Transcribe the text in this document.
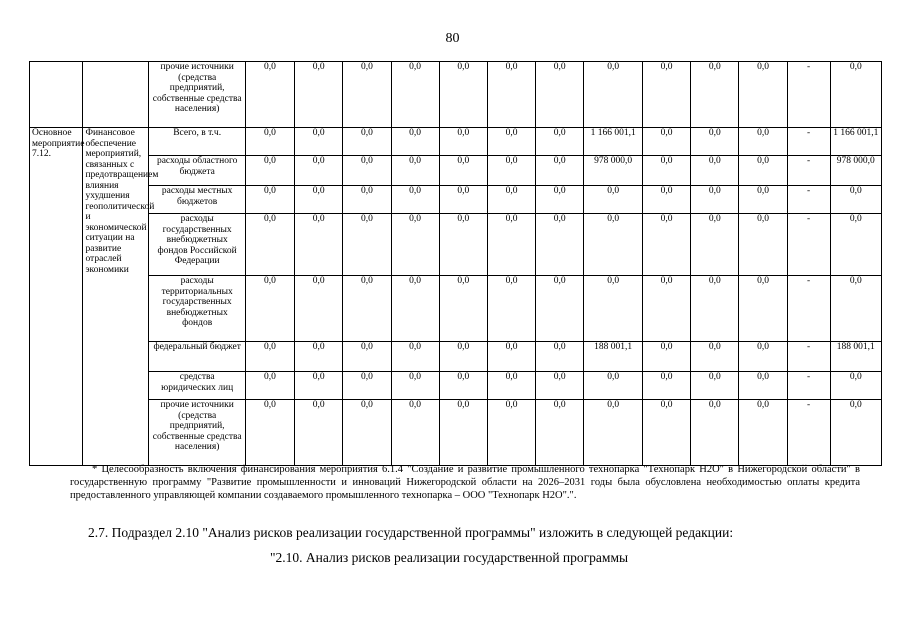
80
		прочие источники (средства предприятий, собственные средства населения)	0,0	0,0	0,0	0,0	0,0	0,0	0,0	0,0	0,0	0,0	0,0	-	0,0
Основное мероприятие 7.12.	Финансовое обеспечение мероприятий, связанных с предотвращением влияния ухудшения геополитической и экономической ситуации на развитие отраслей экономики	Всего, в т.ч.	0,0	0,0	0,0	0,0	0,0	0,0	0,0	1 166 001,1	0,0	0,0	0,0	-	1 166 001,1
		расходы областного бюджета	0,0	0,0	0,0	0,0	0,0	0,0	0,0	978 000,0	0,0	0,0	0,0	-	978 000,0
		расходы местных бюджетов	0,0	0,0	0,0	0,0	0,0	0,0	0,0	0,0	0,0	0,0	0,0	-	0,0
		расходы государственных внебюджетных фондов Российской Федерации	0,0	0,0	0,0	0,0	0,0	0,0	0,0	0,0	0,0	0,0	0,0	-	0,0
		расходы территориальных государственных внебюджетных фондов	0,0	0,0	0,0	0,0	0,0	0,0	0,0	0,0	0,0	0,0	0,0	-	0,0
		федеральный бюджет	0,0	0,0	0,0	0,0	0,0	0,0	0,0	188 001,1	0,0	0,0	0,0	-	188 001,1
		средства юридических лиц	0,0	0,0	0,0	0,0	0,0	0,0	0,0	0,0	0,0	0,0	0,0	-	0,0
		прочие источники (средства предприятий, собственные средства населения)	0,0	0,0	0,0	0,0	0,0	0,0	0,0	0,0	0,0	0,0	0,0	-	0,0
* Целесообразность включения финансирования мероприятия 6.1.4 "Создание и развитие промышленного технопарка "Технопарк Н2О" в Нижегородской области" в государственную программу "Развитие промышленности и инноваций Нижегородской области на 2026–2031 годы была обусловлена необходимостью оплаты кредита предоставленного управляющей компании создаваемого промышленного технопарка – ООО "Технопарк Н2О".".
2.7. Подраздел 2.10 "Анализ рисков реализации государственной программы" изложить в следующей редакции:
"2.10. Анализ рисков реализации государственной программы
